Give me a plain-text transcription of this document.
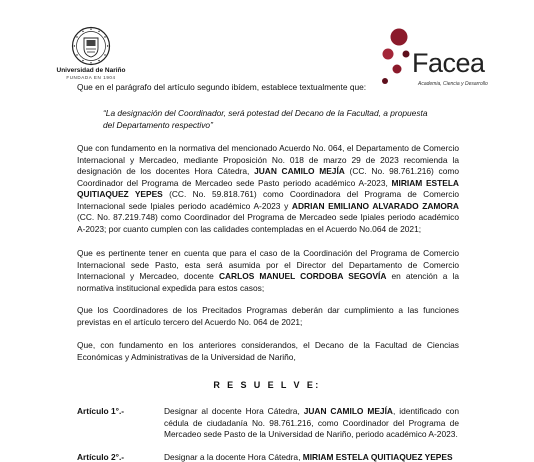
Universidad de Nariño
FUNDADA EN 1904	Facea
Academia, Ciencia y Desarrollo
Que en el parágrafo del artículo segundo ibídem, establece textualmente que:
“La designación del Coordinador, será potestad del Decano de la Facultad, a propuesta del Departamento respectivo”
Que con fundamento en la normativa del mencionado Acuerdo No. 064, el Departamento de Comercio Internacional y Mercadeo, mediante Proposición No. 018 de marzo 29 de 2023 recomienda la designación de los docentes Hora Cátedra, JUAN CAMILO MEJÍA (CC. No. 98.761.216) como Coordinador del Programa de Mercadeo sede Pasto periodo académico A-2023, MIRIAM ESTELA QUITIAQUEZ YEPES (CC. No. 59.818.761) como Coordinadora del Programa de Comercio Internacional sede Ipiales periodo académico A-2023 y ADRIAN EMILIANO ALVARADO ZAMORA (CC. No. 87.219.748) como Coordinador del Programa de Mercadeo sede Ipiales periodo académico A-2023; por cuanto cumplen con las calidades contempladas en el Acuerdo No.064 de 2021;
Que es pertinente tener en cuenta que para el caso de la Coordinación del Programa de Comercio Internacional sede Pasto, esta será asumida por el Director del Departamento de Comercio Internacional y Mercadeo, docente CARLOS MANUEL CORDOBA SEGOVÍA en atención a la normativa institucional expedida para estos casos;
Que los Coordinadores de los Precitados Programas deberán dar cumplimiento a las funciones previstas en el artículo tercero del Acuerdo No. 064 de 2021;
Que, con fundamento en los anteriores considerandos, el Decano de la Facultad de Ciencias Económicas y Administrativas de la Universidad de Nariño,
R E S U E L V E:
Artículo 1°.-	Designar al docente Hora Cátedra, JUAN CAMILO MEJÍA, identificado con cédula de ciudadanía No. 98.761.216, como Coordinador del Programa de Mercadeo sede Pasto de la Universidad de Nariño, periodo académico A-2023.
Artículo 2°.-	Designar a la docente Hora Cátedra, MIRIAM ESTELA QUITIAQUEZ YEPES
